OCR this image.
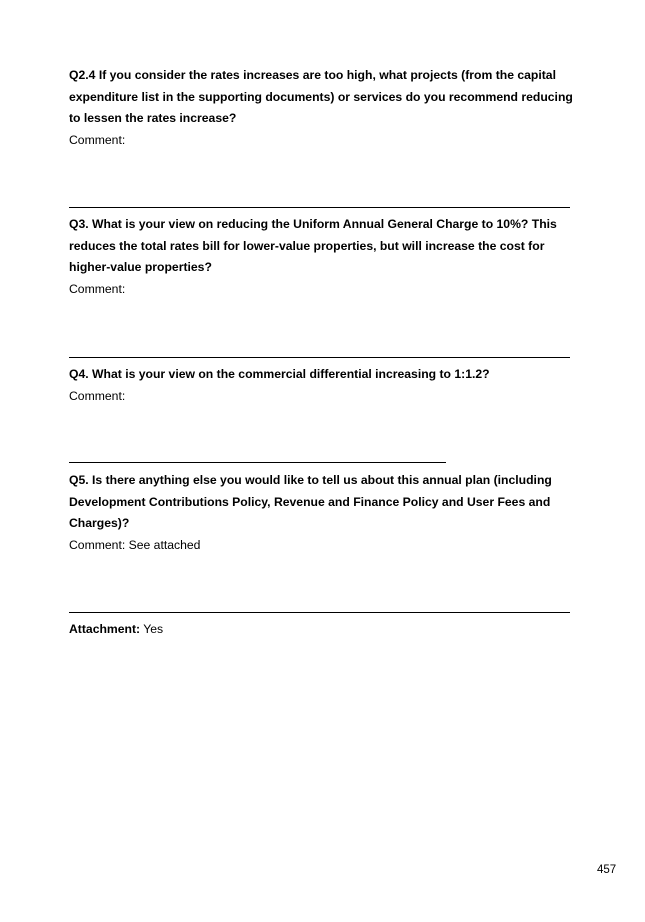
Q2.4 If you consider the rates increases are too high, what projects (from the capital expenditure list in the supporting documents) or services do you recommend reducing to lessen the rates increase?

Comment:

Q3. What is your view on reducing the Uniform Annual General Charge to 10%? This reduces the total rates bill for lower-value properties, but will increase the cost for higher-value properties?

Comment:

Q4. What is your view on the commercial differential increasing to 1:1.2?

Comment:

Q5. Is there anything else you would like to tell us about this annual plan (including Development Contributions Policy, Revenue and Finance Policy and User Fees and Charges)?

Comment: See attached

Attachment: Yes

457
